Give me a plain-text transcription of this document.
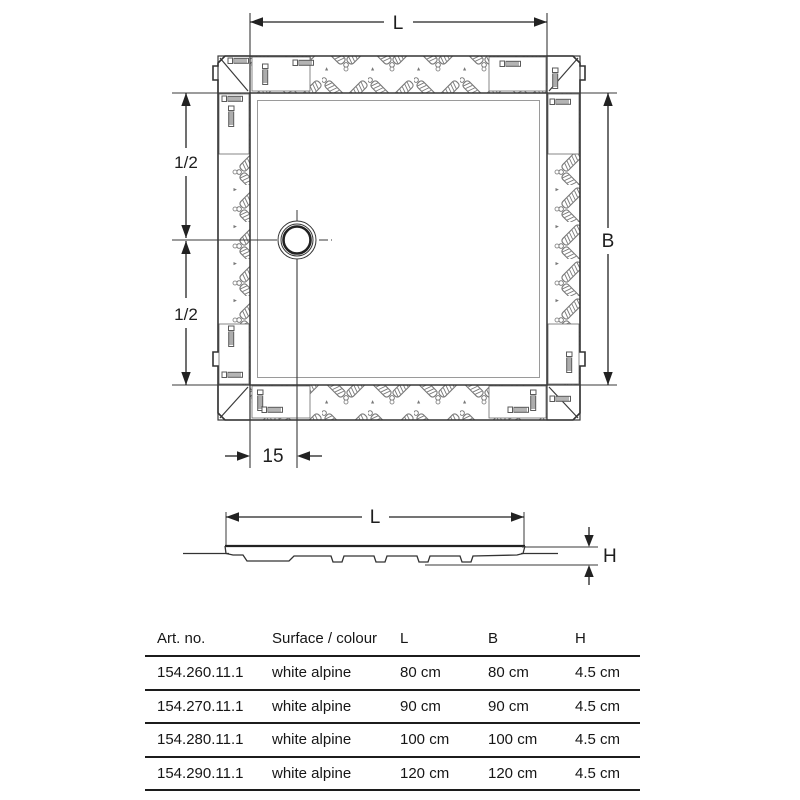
L
B
1/2
1/2
15
L
H
Art. no.	Surface / colour	L	B	H
154.260.11.1	white alpine	80 cm	80 cm	4.5 cm
154.270.11.1	white alpine	90 cm	90 cm	4.5 cm
154.280.11.1	white alpine	100 cm	100 cm	4.5 cm
154.290.11.1	white alpine	120 cm	120 cm	4.5 cm
